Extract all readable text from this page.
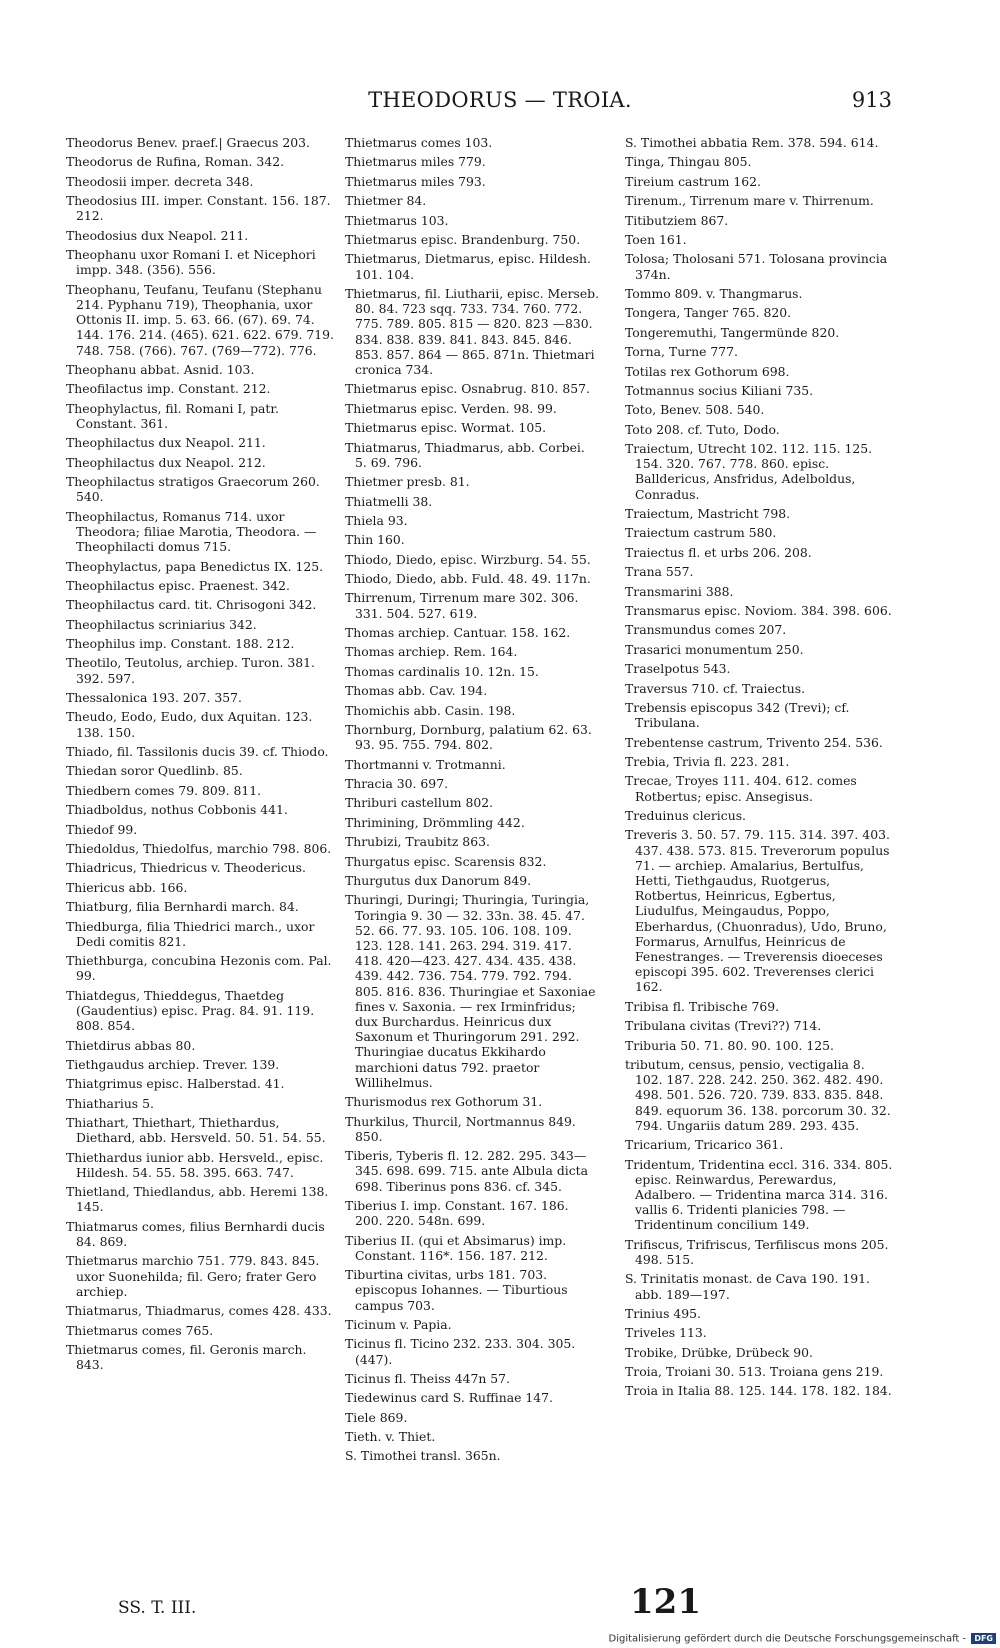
THEODORUS — TROIA.	913
Theodorus Benev. praef.| Graecus 203.
Theodorus de Rufina, Roman. 342.
Theodosii imper. decreta 348.
Theodosius III. imper. Constant. 156. 187. 212.
Theodosius dux Neapol. 211.
Theophanu uxor Romani I. et Nicephori impp. 348. (356). 556.
Theophanu, Teufanu, Teufanu (Stephanu 214. Pyphanu 719), Theophania, uxor Ottonis II. imp. 5. 63. 66. (67). 69. 74. 144. 176. 214. (465). 621. 622. 679. 719. 748. 758. (766). 767. (769—772). 776.
Theophanu abbat. Asnid. 103.
Theofilactus imp. Constant. 212.
Theophylactus, fil. Romani I, patr. Constant. 361.
Theophilactus dux Neapol. 211.
Theophilactus dux Neapol. 212.
Theophilactus stratigos Graecorum 260. 540.
Theophilactus, Romanus 714. uxor Theodora; filiae Marotia, Theodora. — Theophilacti domus 715.
Theophylactus, papa Benedictus IX. 125.
Theophilactus episc. Praenest. 342.
Theophilactus card. tit. Chrisogoni 342.
Theophilactus scriniarius 342.
Theophilus imp. Constant. 188. 212.
Theotilo, Teutolus, archiep. Turon. 381. 392. 597.
Thessalonica 193. 207. 357.
Theudo, Eodo, Eudo, dux Aquitan. 123. 138. 150.
Thiado, fil. Tassilonis ducis 39. cf. Thiodo.
Thiedan soror Quedlinb. 85.
Thiedbern comes 79. 809. 811.
Thiadboldus, nothus Cobbonis 441.
Thiedof 99.
Thiedoldus, Thiedolfus, marchio 798. 806.
Thiadricus, Thiedricus v. Theodericus.
Thiericus abb. 166.
Thiatburg, filia Bernhardi march. 84.
Thiedburga, filia Thiedrici march., uxor Dedi comitis 821.
Thiethburga, concubina Hezonis com. Pal. 99.
Thiatdegus, Thieddegus, Thaetdeg (Gaudentius) episc. Prag. 84. 91. 119. 808. 854.
Thietdirus abbas 80.
Tiethgaudus archiep. Trever. 139.
Thiatgrimus episc. Halberstad. 41.
Thiatharius 5.
Thiathart, Thiethart, Thiethardus, Diethard, abb. Hersveld. 50. 51. 54. 55.
Thiethardus iunior abb. Hersveld., episc. Hildesh. 54. 55. 58. 395. 663. 747.
Thietland, Thiedlandus, abb. Heremi 138. 145.
Thiatmarus comes, filius Bernhardi ducis 84. 869.
Thietmarus marchio 751. 779. 843. 845. uxor Suonehilda; fil. Gero; frater Gero archiep.
Thiatmarus, Thiadmarus, comes 428. 433.
Thietmarus comes 765.
Thietmarus comes, fil. Geronis march. 843.
Thietmarus comes 103.
Thietmarus miles 779.
Thietmarus miles 793.
Thietmer 84.
Thietmarus 103.
Thietmarus episc. Brandenburg. 750.
Thietmarus, Dietmarus, episc. Hildesh. 101. 104.
Thietmarus, fil. Liutharii, episc. Merseb. 80. 84. 723 sqq. 733. 734. 760. 772. 775. 789. 805. 815 — 820. 823 —830. 834. 838. 839. 841. 843. 845. 846. 853. 857. 864 — 865. 871n. Thietmari cronica 734.
Thietmarus episc. Osnabrug. 810. 857.
Thietmarus episc. Verden. 98. 99.
Thietmarus episc. Wormat. 105.
Thiatmarus, Thiadmarus, abb. Corbei. 5. 69. 796.
Thietmer presb. 81.
Thiatmelli 38.
Thiela 93.
Thin 160.
Thiodo, Diedo, episc. Wirzburg. 54. 55.
Thiodo, Diedo, abb. Fuld. 48. 49. 117n.
Thirrenum, Tirrenum mare 302. 306. 331. 504. 527. 619.
Thomas archiep. Cantuar. 158. 162.
Thomas archiep. Rem. 164.
Thomas cardinalis 10. 12n. 15.
Thomas abb. Cav. 194.
Thomichis abb. Casin. 198.
Thornburg, Dornburg, palatium 62. 63. 93. 95. 755. 794. 802.
Thortmanni v. Trotmanni.
Thracia 30. 697.
Thriburi castellum 802.
Thrimining, Drömmling 442.
Thrubizi, Traubitz 863.
Thurgatus episc. Scarensis 832.
Thurgutus dux Danorum 849.
Thuringi, Duringi; Thuringia, Turingia, Toringia 9. 30 — 32. 33n. 38. 45. 47. 52. 66. 77. 93. 105. 106. 108. 109. 123. 128. 141. 263. 294. 319. 417. 418. 420—423. 427. 434. 435. 438. 439. 442. 736. 754. 779. 792. 794. 805. 816. 836. Thuringiae et Saxoniae fines v. Saxonia. — rex Irminfridus; dux Burchardus. Heinricus dux Saxonum et Thuringorum 291. 292. Thuringiae ducatus Ekkihardo marchioni datus 792. praetor Willihelmus.
Thurismodus rex Gothorum 31.
Thurkilus, Thurcil, Nortmannus 849. 850.
Tiberis, Tyberis fl. 12. 282. 295. 343—345. 698. 699. 715. ante Albula dicta 698. Tiberinus pons 836. cf. 345.
Tiberius I. imp. Constant. 167. 186. 200. 220. 548n. 699.
Tiberius II. (qui et Absimarus) imp. Constant. 116*. 156. 187. 212.
Tiburtina civitas, urbs 181. 703. episcopus Iohannes. — Tiburtious campus 703.
Ticinum v. Papia.
Ticinus fl. Ticino 232. 233. 304. 305. (447).
Ticinus fl. Theiss 447n 57.
Tiedewinus card S. Ruffinae 147.
Tiele 869.
Tieth. v. Thiet.
S. Timothei transl. 365n.
S. Timothei abbatia Rem. 378. 594. 614.
Tinga, Thingau 805.
Tireium castrum 162.
Tirenum., Tirrenum mare v. Thirrenum.
Titibutziem 867.
Toen 161.
Tolosa; Tholosani 571. Tolosana provincia 374n.
Tommo 809. v. Thangmarus.
Tongera, Tanger 765. 820.
Tongeremuthi, Tangermünde 820.
Torna, Turne 777.
Totilas rex Gothorum 698.
Totmannus socius Kiliani 735.
Toto, Benev. 508. 540.
Toto 208. cf. Tuto, Dodo.
Traiectum, Utrecht 102. 112. 115. 125. 154. 320. 767. 778. 860. episc. Balldericus, Ansfridus, Adelboldus, Conradus.
Traiectum, Mastricht 798.
Traiectum castrum 580.
Traiectus fl. et urbs 206. 208.
Trana 557.
Transmarini 388.
Transmarus episc. Noviom. 384. 398. 606.
Transmundus comes 207.
Trasarici monumentum 250.
Traselpotus 543.
Traversus 710. cf. Traiectus.
Trebensis episcopus 342 (Trevi); cf. Tribulana.
Trebentense castrum, Trivento 254. 536.
Trebia, Trivia fl. 223. 281.
Trecae, Troyes 111. 404. 612. comes Rotbertus; episc. Ansegisus.
Treduinus clericus.
Treveris 3. 50. 57. 79. 115. 314. 397. 403. 437. 438. 573. 815. Treverorum populus 71. — archiep. Amalarius, Bertulfus, Hetti, Tiethgaudus, Ruotgerus, Rotbertus, Heinricus, Egbertus, Liudulfus, Meingaudus, Poppo, Eberhardus, (Chuonradus), Udo, Bruno, Formarus, Arnulfus, Heinricus de Fenestranges. — Treverensis dioeceses episcopi 395. 602. Treverenses clerici 162.
Tribisa fl. Tribische 769.
Tribulana civitas (Trevi??) 714.
Triburia 50. 71. 80. 90. 100. 125.
tributum, census, pensio, vectigalia 8. 102. 187. 228. 242. 250. 362. 482. 490. 498. 501. 526. 720. 739. 833. 835. 848. 849. equorum 36. 138. porcorum 30. 32. 794. Ungariis datum 289. 293. 435.
Tricarium, Tricarico 361.
Tridentum, Tridentina eccl. 316. 334. 805. episc. Reinwardus, Perewardus, Adalbero. — Tridentina marca 314. 316. vallis 6. Tridenti planicies 798. — Tridentinum concilium 149.
Trifiscus, Trifriscus, Terfiliscus mons 205. 498. 515.
S. Trinitatis monast. de Cava 190. 191. abb. 189—197.
Trinius 495.
Triveles 113.
Trobike, Drübke, Drübeck 90.
Troia, Troiani 30. 513. Troiana gens 219.
Troia in Italia 88. 125. 144. 178. 182. 184.
SS. T. III.	121
Digitalisierung gefördert durch die Deutsche Forschungsgemeinschaft - DFG
